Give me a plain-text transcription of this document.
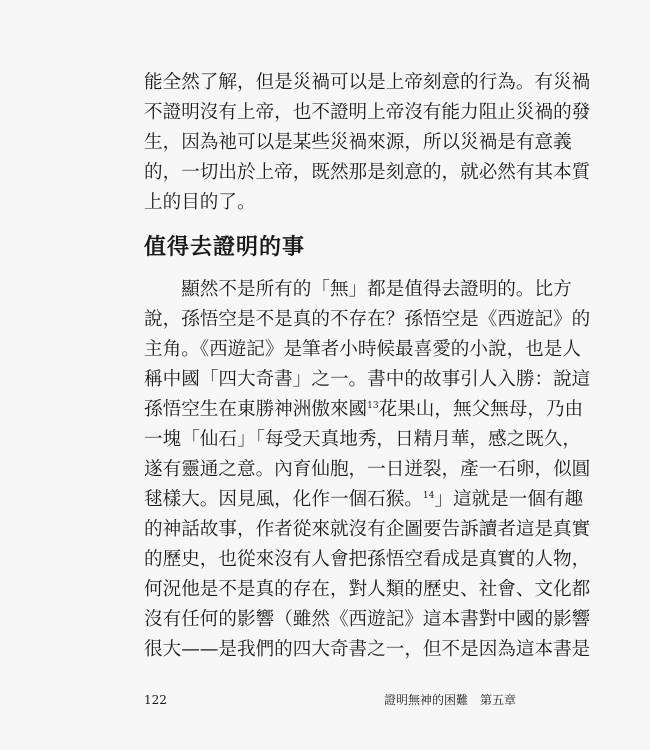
能全然了解，但是災禍可以是上帝刻意的行為。有災禍
不證明沒有上帝，也不證明上帝沒有能力阻止災禍的發
生，因為祂可以是某些災禍來源，所以災禍是有意義
的，一切出於上帝，既然那是刻意的，就必然有其本質
上的目的了。
值得去證明的事
　　顯然不是所有的「無」都是值得去證明的。比方
說，孫悟空是不是真的不存在？孫悟空是《西遊記》的
主角。《西遊記》是筆者小時候最喜愛的小說，也是人
稱中國「四大奇書」之一。書中的故事引人入勝：說這
孫悟空生在東勝神洲傲來國$^{13}$花果山，無父無母，乃由
一塊「仙石」「每受天真地秀，日精月華，感之既久，
遂有靈通之意。內育仙胞，一日迸裂，產一石卵，似圓
毬樣大。因見風，化作一個石猴。$^{14}$」這就是一個有趣
的神話故事，作者從來就沒有企圖要告訴讀者這是真實
的歷史，也從來沒有人會把孫悟空看成是真實的人物，
何況他是不是真的存在，對人類的歷史、社會、文化都
沒有任何的影響（雖然《西遊記》這本書對中國的影響
很大——是我們的四大奇書之一，但不是因為這本書是
122	證明無神的困難　第五章
